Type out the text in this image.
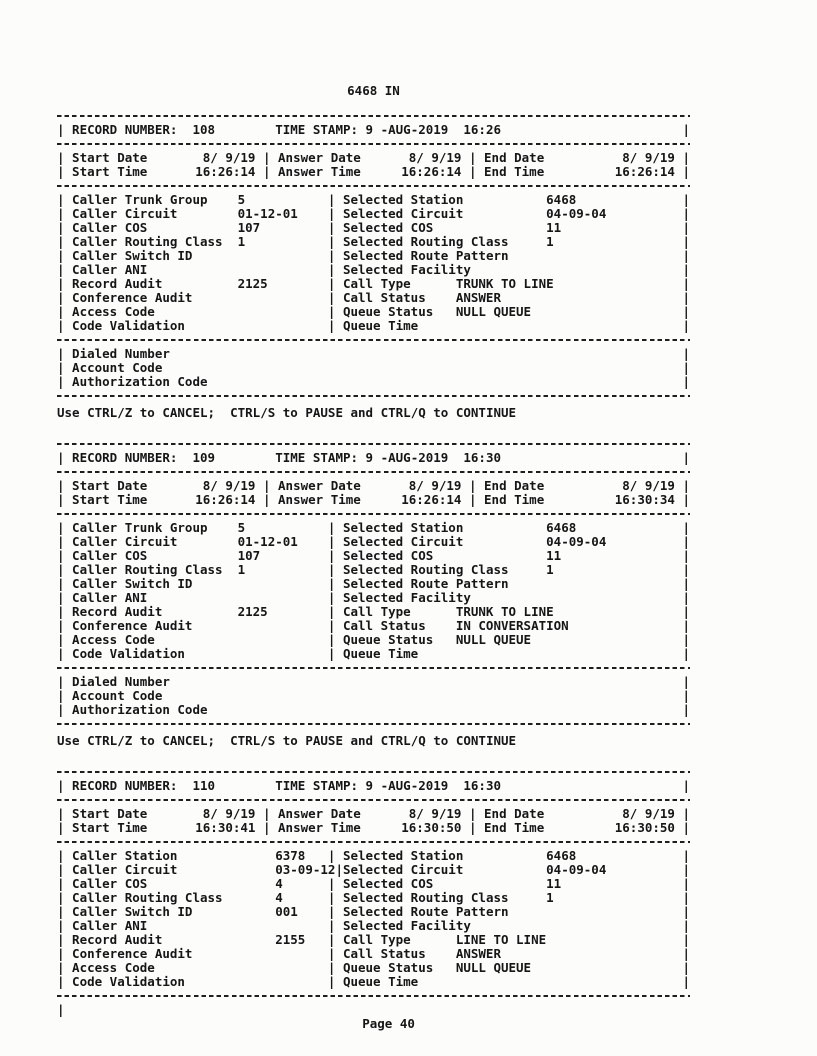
6468 IN
| RECORD NUMBER: 108	TIME STAMP: 9 -AUG-2019  16:26
|
| Start Date	8/ 9/19
|	Answer Date	8/ 9/19
|	End Date	8/ 9/19
|
| Start Time	16:26:14
|	Answer Time	16:26:14
|	End Time	16:26:14
|
| Caller Trunk Group	5
|	Selected Station	6468
|
| Caller Circuit	01-12-01
|	Selected Circuit	04-09-04
|
| Caller COS	107
|	Selected COS	11
|
| Caller Routing Class	1
|	Selected Routing Class	1
|
| Caller Switch ID
|	Selected Route Pattern
|
| Caller ANI
|	Selected Facility
|
| Record Audit	2125
|	Call Type	TRUNK TO LINE
|
| Conference Audit
|	Call Status	ANSWER
|
| Access Code
|	Queue Status	NULL QUEUE
|
| Code Validation
|	Queue Time
|
| Dialed Number
|
| Account Code
|
| Authorization Code
|
Use CTRL/Z to CANCEL;  CTRL/S to PAUSE and CTRL/Q to CONTINUE
| RECORD NUMBER: 109	TIME STAMP: 9 -AUG-2019  16:30
|
| Start Date	8/ 9/19
|	Answer Date	8/ 9/19
|	End Date	8/ 9/19
|
| Start Time	16:26:14
|	Answer Time	16:26:14
|	End Time	16:30:34
|
| Caller Trunk Group	5
|	Selected Station	6468
|
| Caller Circuit	01-12-01
|	Selected Circuit	04-09-04
|
| Caller COS	107
|	Selected COS	11
|
| Caller Routing Class	1
|	Selected Routing Class	1
|
| Caller Switch ID
|	Selected Route Pattern
|
| Caller ANI
|	Selected Facility
|
| Record Audit	2125
|	Call Type	TRUNK TO LINE
|
| Conference Audit
|	Call Status	IN CONVERSATION
|
| Access Code
|	Queue Status	NULL QUEUE
|
| Code Validation
|	Queue Time
|
| Dialed Number
|
| Account Code
|
| Authorization Code
|
Use CTRL/Z to CANCEL;  CTRL/S to PAUSE and CTRL/Q to CONTINUE
| RECORD NUMBER: 110	TIME STAMP: 9 -AUG-2019  16:30
|
| Start Date	8/ 9/19
|	Answer Date	8/ 9/19
|	End Date	8/ 9/19
|
| Start Time	16:30:41
|	Answer Time	16:30:50
|	End Time	16:30:50
|
| Caller Station	6378
|	Selected Station	6468
|
| Caller Circuit	03-09-12
| Selected Circuit	04-09-04
|
| Caller COS	4
|	Selected COS	11
|
| Caller Routing Class	4
|	Selected Routing Class	1
|
| Caller Switch ID	001
|	Selected Route Pattern
|
| Caller ANI
|	Selected Facility
|
| Record Audit	2155
|	Call Type	LINE TO LINE
|
| Conference Audit
|	Call Status	ANSWER
|
| Access Code
|	Queue Status	NULL QUEUE
|
| Code Validation
|	Queue Time
|

| Page 40
